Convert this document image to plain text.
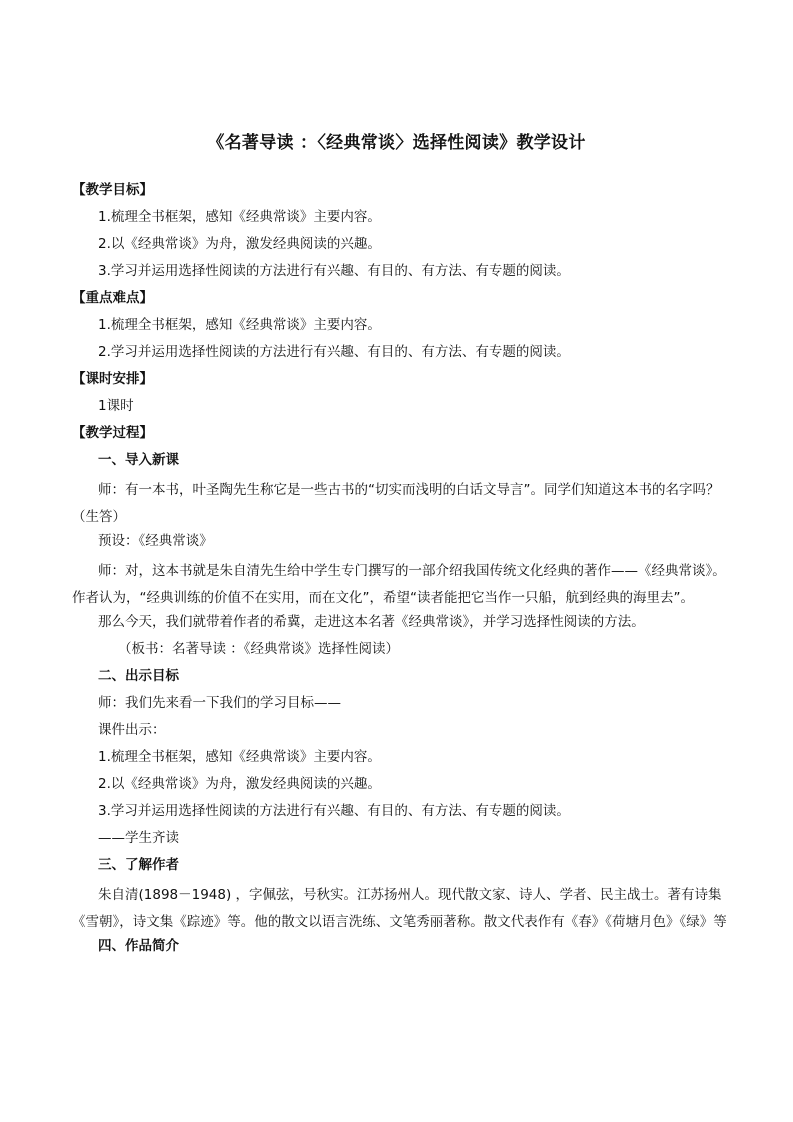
《名著导读 ：〈经典常谈〉选择性阅读》教学设计
【教学目标】
1.梳理全书框架，感知《经典常谈》主要内容。
2.以《经典常谈》为舟，激发经典阅读的兴趣。
3.学习并运用选择性阅读的方法进行有兴趣、有目的、有方法、有专题的阅读。
【重点难点】
1.梳理全书框架，感知《经典常谈》主要内容。
2.学习并运用选择性阅读的方法进行有兴趣、有目的、有方法、有专题的阅读。
【课时安排】
1课时
【教学过程】
一、导入新课
师：有一本书，叶圣陶先生称它是一些古书的“切实而浅明的白话文导言”。同学们知道这本书的名字吗？（生答）
预设：《经典常谈》
师：对，这本书就是朱自清先生给中学生专门撰写的一部介绍我国传统文化经典的著作——《经典常谈》。　作者认为，“经典训练的价值不在实用，而在文化”，希望“读者能把它当作一只船，航到经典的海里去”。
那么今天，我们就带着作者的希冀，走进这本名著《经典常谈》，并学习选择性阅读的方法。
（板书：名著导读 ：《经典常谈》选择性阅读）
二、出示目标
师：我们先来看一下我们的学习目标——
课件出示：
1.梳理全书框架，感知《经典常谈》主要内容。
2.以《经典常谈》为舟，激发经典阅读的兴趣。
3.学习并运用选择性阅读的方法进行有兴趣、有目的、有方法、有专题的阅读。
——学生齐读
三、了解作者
朱自清(1898－1948) ，字佩弦，号秋实。江苏扬州人。现代散文家、诗人、学者、民主战士。著有诗集《雪朝》，诗文集《踪迹》等。他的散文以语言洗练、文笔秀丽著称。散文代表作有《春》《荷塘月色》《绿》等
四、作品简介
